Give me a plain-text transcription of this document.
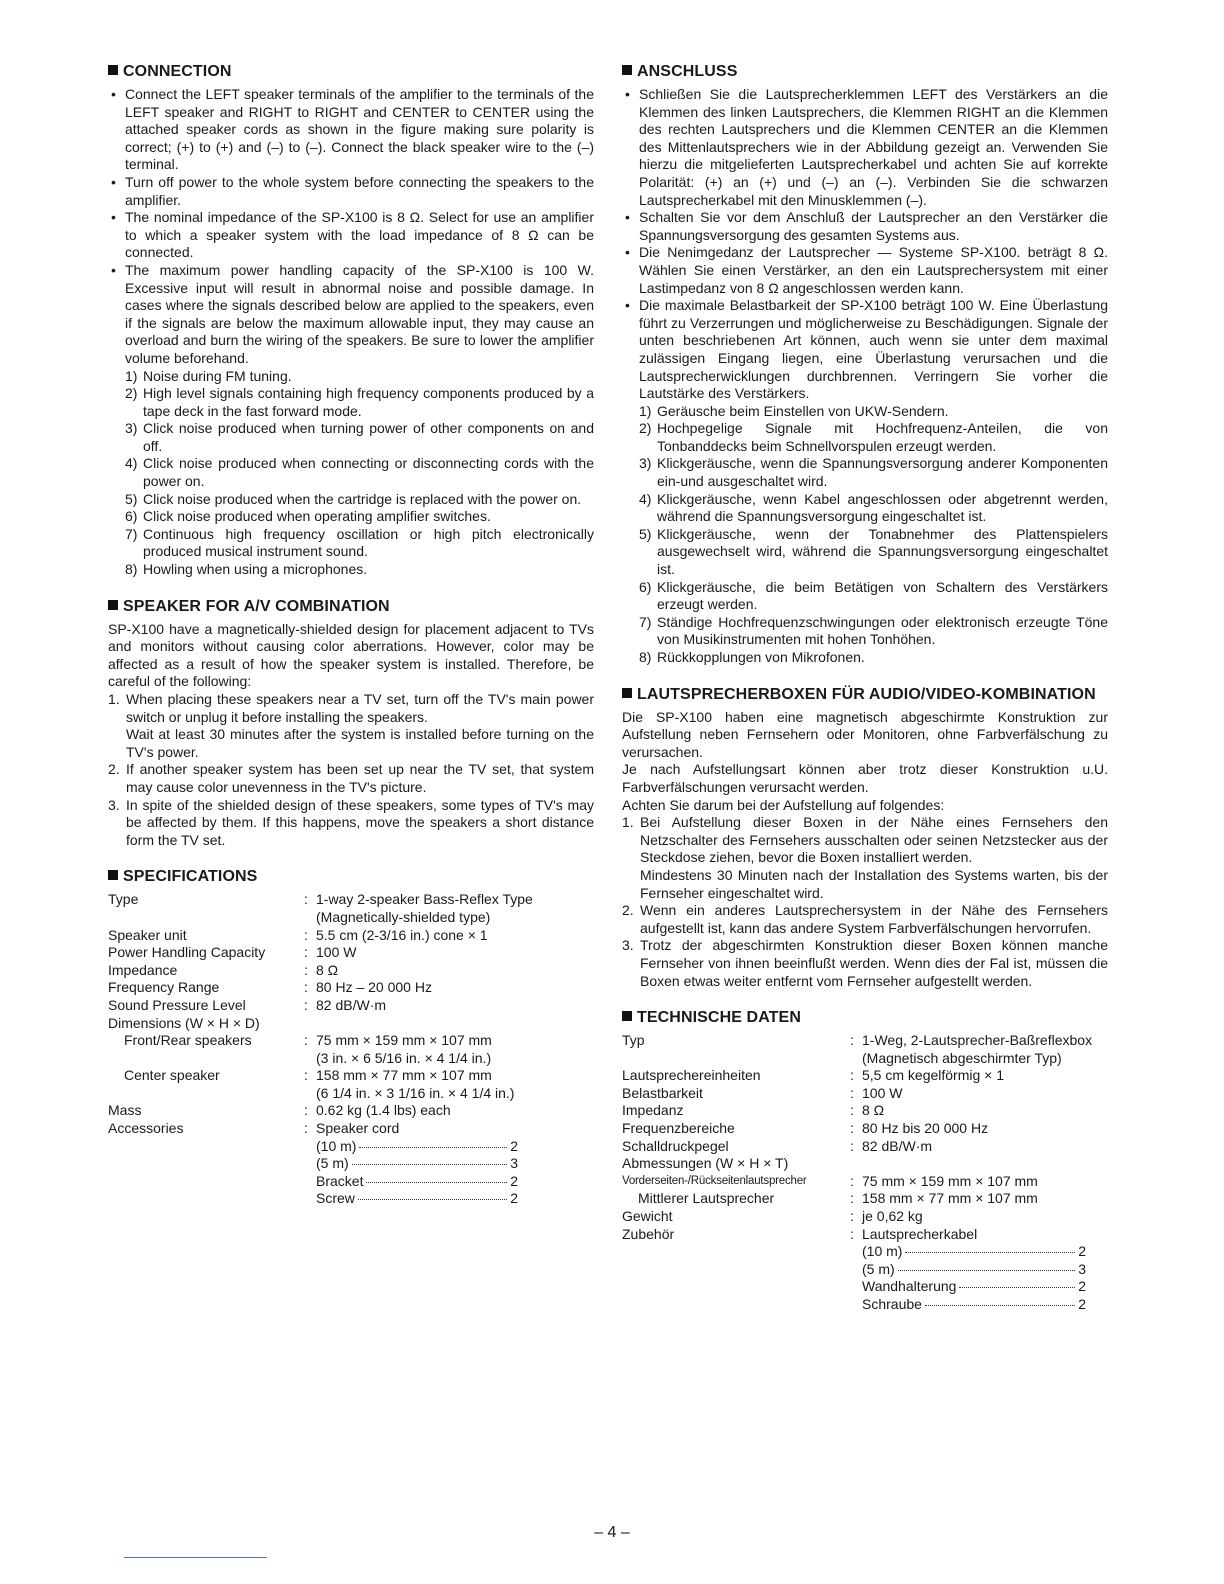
CONNECTION
• Connect the LEFT speaker terminals of the amplifier to the terminals of the LEFT speaker and RIGHT to RIGHT and CENTER to CENTER using the attached speaker cords as shown in the figure making sure polarity is correct; (+) to (+) and (–) to (–). Connect the black speaker wire to the (–) terminal.
• Turn off power to the whole system before connecting the speakers to the amplifier.
• The nominal impedance of the SP-X100 is 8 Ω. Select for use an amplifier to which a speaker system with the load impedance of 8 Ω can be connected.
• The maximum power handling capacity of the SP-X100 is 100 W. Excessive input will result in abnormal noise and possible damage. In cases where the signals described below are applied to the speakers, even if the signals are below the maximum allowable input, they may cause an overload and burn the wiring of the speakers. Be sure to lower the amplifier volume beforehand.
1) Noise during FM tuning.
2) High level signals containing high frequency components produced by a tape deck in the fast forward mode.
3) Click noise produced when turning power of other components on and off.
4) Click noise produced when connecting or disconnecting cords with the power on.
5) Click noise produced when the cartridge is replaced with the power on.
6) Click noise produced when operating amplifier switches.
7) Continuous high frequency oscillation or high pitch electronically produced musical instrument sound.
8) Howling when using a microphones.
SPEAKER FOR A/V COMBINATION

SP-X100 have a magnetically-shielded design for placement adjacent to TVs and monitors without causing color aberrations. However, color may be affected as a result of how the speaker system is installed. Therefore, be careful of the following:

1. When placing these speakers near a TV set, turn off the TV's main power switch or unplug it before installing the speakers.
Wait at least 30 minutes after the system is installed before turning on the TV's power.
2. If another speaker system has been set up near the TV set, that system may cause color unevenness in the TV's picture.
3. In spite of the shielded design of these speakers, some types of TV's may be affected by them. If this happens, move the speakers a short distance form the TV set.
SPECIFICATIONS
Type	: 1-way 2-speaker Bass-Reflex Type
(Magnetically-shielded type)
Speaker unit	: 5.5 cm (2-3/16 in.) cone × 1
Power Handling Capacity	: 100 W
Impedance	: 8 Ω
Frequency Range	: 80 Hz – 20 000 Hz
Sound Pressure Level	: 82 dB/W·m
Dimensions (W × H × D)
Front/Rear speakers	: 75 mm × 159 mm × 107 mm
(3 in. × 6 5/16 in. × 4 1/4 in.)
Center speaker	: 158 mm × 77 mm × 107 mm
(6 1/4 in. × 3 1/16 in. × 4 1/4 in.)
Mass	: 0.62 kg (1.4 lbs) each
Accessories	: Speaker cord
(10 m)	2
(5 m)	3
Bracket	2
Screw	2
ANSCHLUSS
• Schließen Sie die Lautsprecherklemmen LEFT des Verstärkers an die Klemmen des linken Lautsprechers, die Klemmen RIGHT an die Klemmen des rechten Lautsprechers und die Klemmen CENTER an die Klemmen des Mittenlautsprechers wie in der Abbildung gezeigt an. Verwenden Sie hierzu die mitgelieferten Lautsprecherkabel und achten Sie auf korrekte Polarität: (+) an (+) und (–) an (–). Verbinden Sie die schwarzen Lautsprecherkabel mit den Minusklemmen (–).
• Schalten Sie vor dem Anschluß der Lautsprecher an den Verstärker die Spannungsversorgung des gesamten Systems aus.
• Die Nenimgedanz der Lautsprecher — Systeme SP-X100. beträgt 8 Ω. Wählen Sie einen Verstärker, an den ein Lautsprechersystem mit einer Lastimpedanz von 8 Ω angeschlossen werden kann.
• Die maximale Belastbarkeit der SP-X100 beträgt 100 W. Eine Überlastung führt zu Verzerrungen und möglicherweise zu Beschädigungen. Signale der unten beschriebenen Art können, auch wenn sie unter dem maximal zulässigen Eingang liegen, eine Überlastung verursachen und die Lautsprecherwicklungen durchbrennen. Verringern Sie vorher die Lautstärke des Verstärkers.
1) Geräusche beim Einstellen von UKW-Sendern.
2) Hochpegelige Signale mit Hochfrequenz-Anteilen, die von Tonbanddecks beim Schnellvorspulen erzeugt werden.
3) Klickgeräusche, wenn die Spannungsversorgung anderer Komponenten ein-und ausgeschaltet wird.
4) Klickgeräusche, wenn Kabel angeschlossen oder abgetrennt werden, während die Spannungsversorgung eingeschaltet ist.
5) Klickgeräusche, wenn der Tonabnehmer des Plattenspielers ausgewechselt wird, während die Spannungsversorgung eingeschaltet ist.
6) Klickgeräusche, die beim Betätigen von Schaltern des Verstärkers erzeugt werden.
7) Ständige Hochfrequenzschwingungen oder elektronisch erzeugte Töne von Musikinstrumenten mit hohen Tonhöhen.
8) Rückkopplungen von Mikrofonen.
LAUTSPRECHERBOXEN FÜR AUDIO/VIDEO-KOMBINATION

Die SP-X100 haben eine magnetisch abgeschirmte Konstruktion zur Aufstellung neben Fernsehern oder Monitoren, ohne Farbverfälschung zu verursachen.

Je nach Aufstellungsart können aber trotz dieser Konstruktion u.U. Farbverfälschungen verursacht werden.

Achten Sie darum bei der Aufstellung auf folgendes:

1. Bei Aufstellung dieser Boxen in der Nähe eines Fernsehers den Netzschalter des Fernsehers ausschalten oder seinen Netzstecker aus der Steckdose ziehen, bevor die Boxen installiert werden.
Mindestens 30 Minuten nach der Installation des Systems warten, bis der Fernseher eingeschaltet wird.
2. Wenn ein anderes Lautsprechersystem in der Nähe des Fernsehers aufgestellt ist, kann das andere System Farbverfälschungen hervorrufen.
3. Trotz der abgeschirmten Konstruktion dieser Boxen können manche Fernseher von ihnen beeinflußt werden. Wenn dies der Fal ist, müssen die Boxen etwas weiter entfernt vom Fernseher aufgestellt werden.
TECHNISCHE DATEN
Typ	: 1-Weg, 2-Lautsprecher-Baßreflexbox
(Magnetisch abgeschirmter Typ)
Lautsprechereinheiten	: 5,5 cm kegelförmig × 1
Belastbarkeit	: 100 W
Impedanz	: 8 Ω
Frequenzbereiche	: 80 Hz bis 20 000 Hz
Schalldruckpegel	: 82 dB/W·m
Abmessungen (W × H × T)
Vorderseiten-/Rückseitenlautsprecher	: 75 mm × 159 mm × 107 mm
Mittlerer Lautsprecher	: 158 mm × 77 mm × 107 mm
Gewicht	: je 0,62 kg
Zubehör	: Lautsprecherkabel
(10 m)	2
(5 m)	3
Wandhalterung	2
Schraube	2
– 4 –
